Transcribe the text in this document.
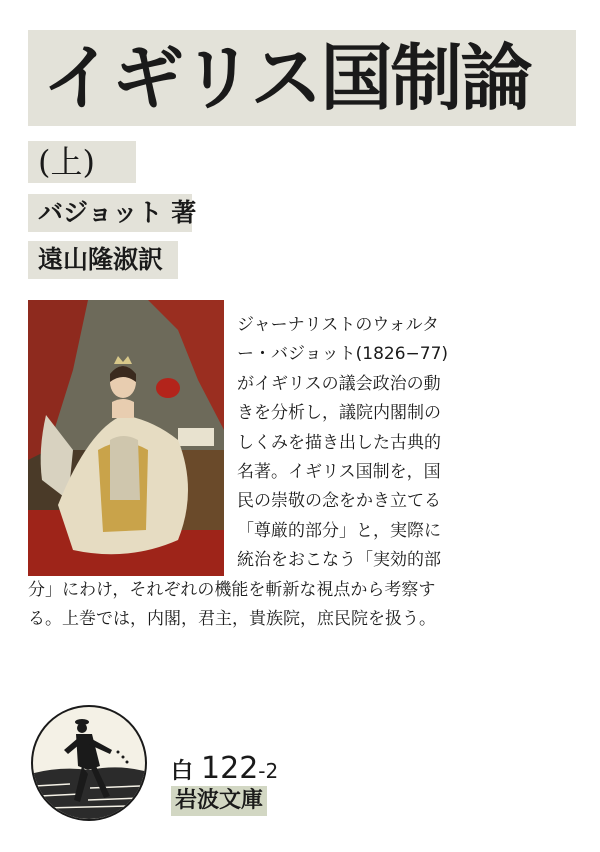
イギリス国制論
(上)
バジョット 著
遠山隆淑訳

ジャーナリストのウォルタ
ー・バジョット(1826−77)
がイギリスの議会政治の動
きを分析し，議院内閣制の
しくみを描き出した古典的
名著。イギリス国制を，国
民の崇敬の念をかき立てる
「尊厳的部分」と，実際に
統治をおこなう「実効的部
分」にわけ，それぞれの機能を斬新な視点から考察す
る。上巻では，内閣，君主，貴族院，庶民院を扱う。

白 122-2
岩波文庫
